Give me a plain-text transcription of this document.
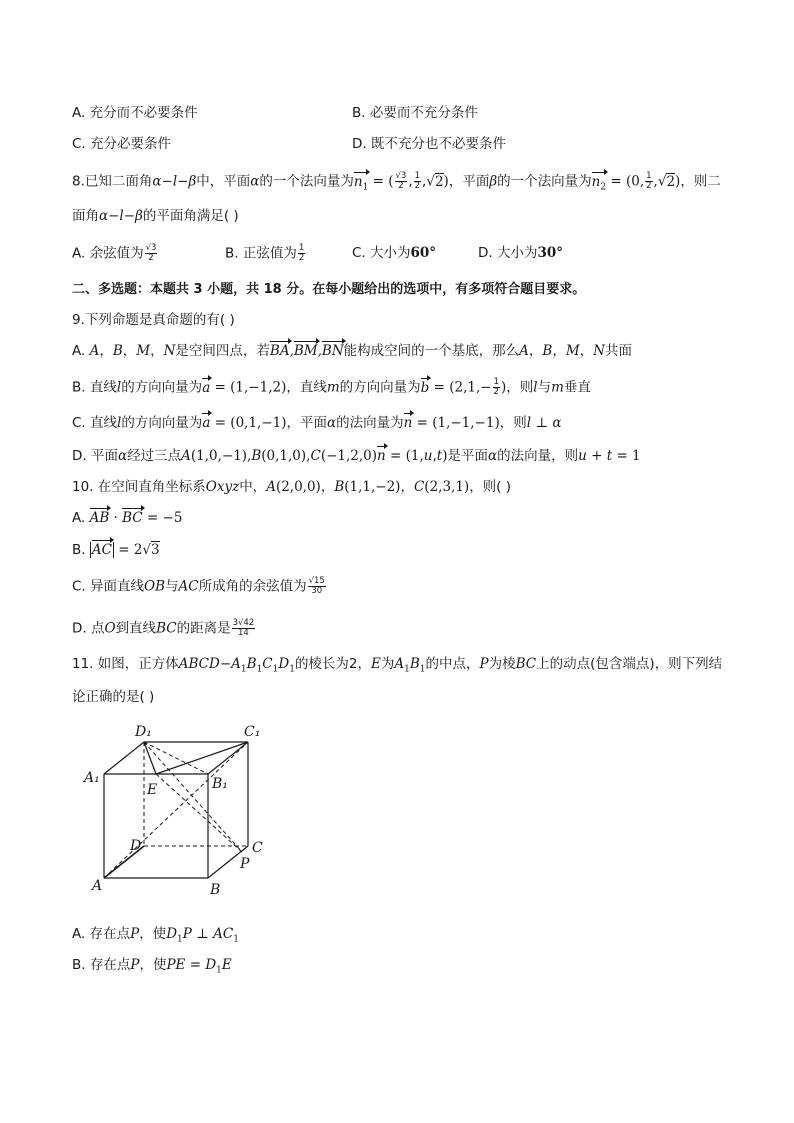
A. 充分而不必要条件	B. 必要而不充分条件
C. 充分必要条件	D. 既不充分也不必要条件
8.已知二面角α−l−β中，平面α的一个法向量为$n_1$ = ( $\frac{√3}{2}$ , $\frac{1}{2} ,√2$)，平面β的一个法向量为$n_2 = (0$, $\frac{1}{2} ,√2$)，则二
面角α−l−β的平面角满足( )
A. 余弦值为 $\frac{√3}{2}$	B. 正弦值为 $\frac{1}{2}$	C. 大小为60°	D. 大小为30°
二、多选题：本题共 3 小题，共 18 分。在每小题给出的选项中，有多项符合题目要求。
9.下列命题是真命题的有( )
A. A，B，M，N是空间四点，若BA,BM,BN能构成空间的一个基底，那么A，B，M，N共面
B. 直线l的方向向量为a = (1,−1,2)，直线m的方向向量为$b = (2,1,- \frac{1}{2}$ )，则l与m垂直
C. 直线l的方向向量为a = (0,1,−1)，平面α的法向量为n = (1,−1,−1)，则l ⊥ α
D. 平面α经过三点A(1,0,−1),B(0,1,0),C(−1,2,0)n = (1,u,t)是平面α的法向量，则u + t = 1
10. 在空间直角坐标系Oxyz中，A(2,0,0)，B(1,1,−2)，C(2,3,1)，则( )
A. AB · BC = −5
B. AC = 2√3
C. 异面直线OB与AC所成角的余弦值为 $\frac{√15}{30}$
D. 点O到直线BC的距离是 $\frac{3√42}{14}$
11. 如图，正方体$ABCD-A_1B_1C_1D_1$的棱长为2，E为$A_1B_1$的中点，P为棱BC上的动点(包含端点)，则下列结
论正确的是( )
D₁	C₁
A₁
E	B₁
D	C
P
A	B
A. 存在点P，使$D_1P$ ⊥ $AC_1$
B. 存在点P，使PE = $D_1E$
